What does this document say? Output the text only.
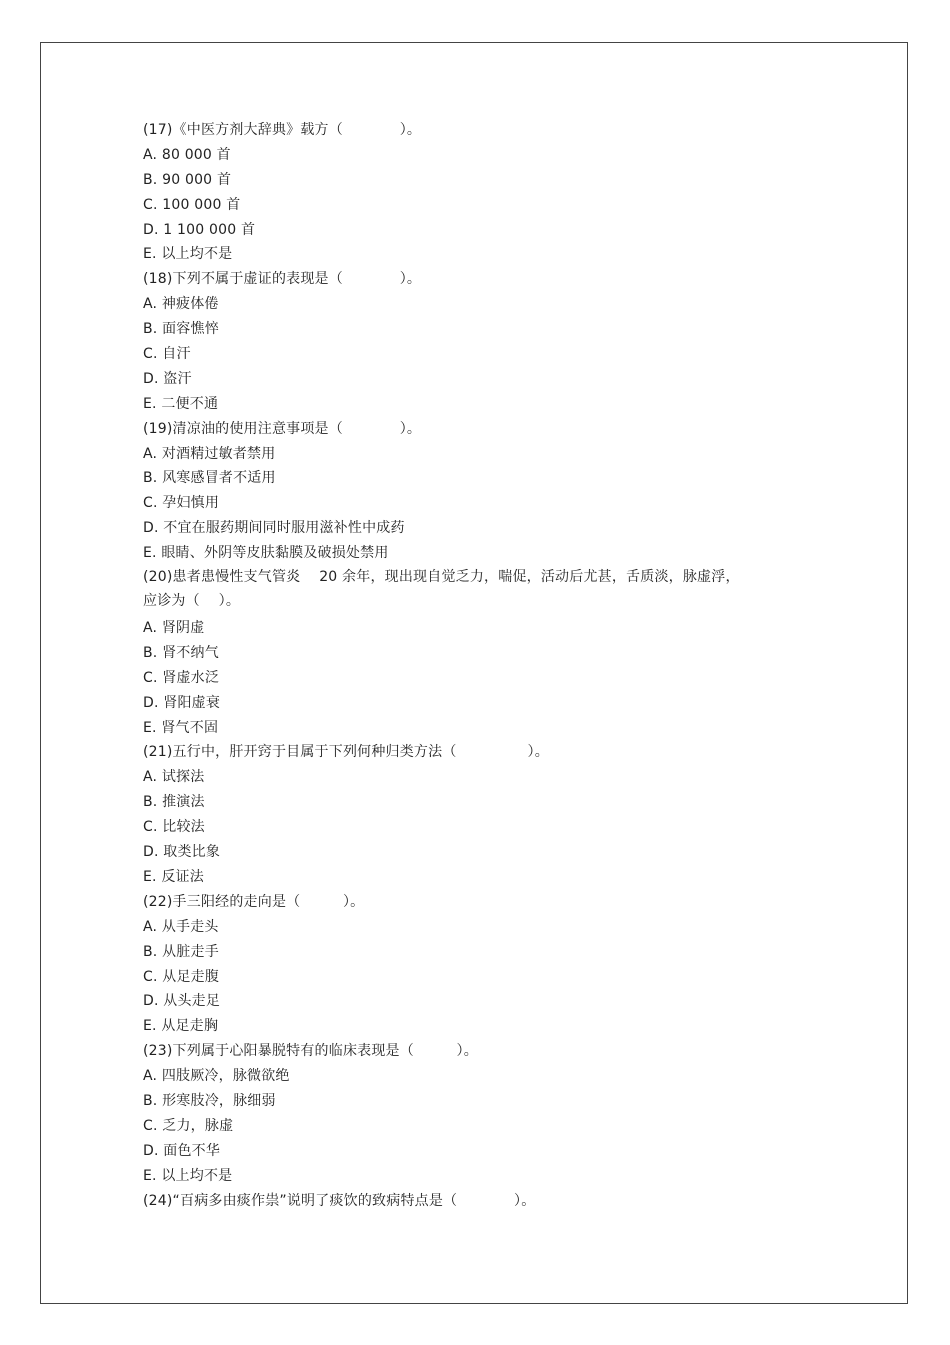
(17)《中医方剂大辞典》载方（　　　　）。
A. 80 000 首
B. 90 000 首
C. 100 000 首
D. 1 100 000 首
E. 以上均不是
(18)下列不属于虚证的表现是（　　　　）。
A. 神疲体倦
B. 面容憔悴
C. 自汗
D. 盗汗
E. 二便不通
(19)清凉油的使用注意事项是（　　　　）。
A. 对酒精过敏者禁用
B. 风寒感冒者不适用
C. 孕妇慎用
D. 不宜在服药期间同时服用滋补性中成药
E. 眼睛、外阴等皮肤黏膜及破损处禁用
(20)患者患慢性支气管炎　 20 余年，现出现自觉乏力，喘促，活动后尤甚，舌质淡，脉虚浮，
应诊为（　 ）。
A. 肾阴虚
B. 肾不纳气
C. 肾虚水泛
D. 肾阳虚衰
E. 肾气不固
(21)五行中，肝开窍于目属于下列何种归类方法（　　　　　）。
A. 试探法
B. 推演法
C. 比较法
D. 取类比象
E. 反证法
(22)手三阳经的走向是（　　　）。
A. 从手走头
B. 从脏走手
C. 从足走腹
D. 从头走足
E. 从足走胸
(23)下列属于心阳暴脱特有的临床表现是（　　　）。
A. 四肢厥冷，脉微欲绝
B. 形寒肢冷，脉细弱
C. 乏力，脉虚
D. 面色不华
E. 以上均不是
(24)“百病多由痰作祟”说明了痰饮的致病特点是（　　　　）。
